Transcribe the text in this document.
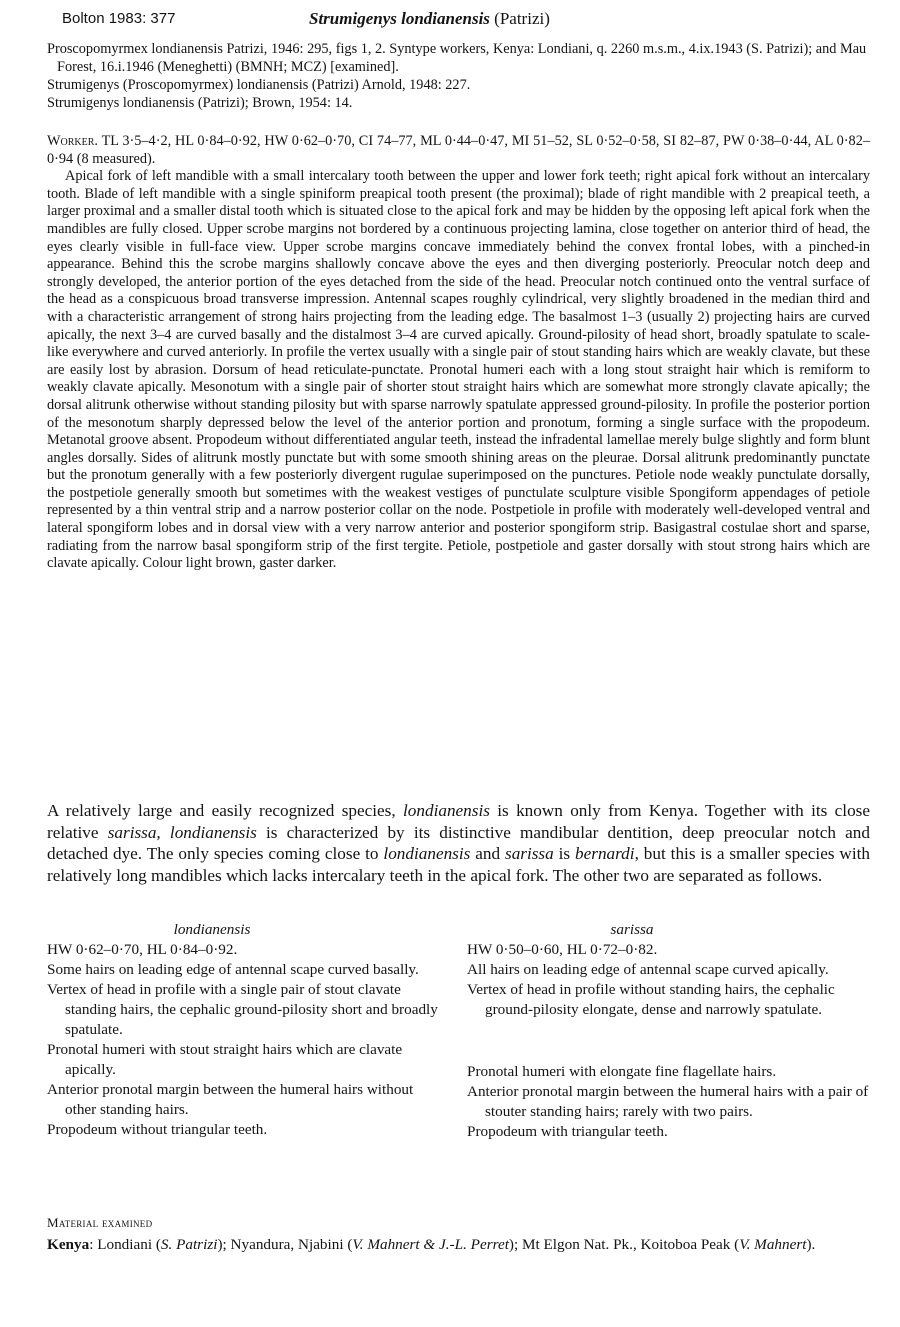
Bolton 1983: 377	Strumigenys londianensis (Patrizi)

Proscopomyrmex londianensis Patrizi, 1946: 295, figs 1, 2. Syntype workers, Kenya: Londiani, q. 2260 m.s.m., 4.ix.1943 (S. Patrizi); and Mau Forest, 16.i.1946 (Meneghetti) (BMNH; MCZ) [examined].

Strumigenys (Proscopomyrmex) londianensis (Patrizi) Arnold, 1948: 227.

Strumigenys londianensis (Patrizi); Brown, 1954: 14.

Worker. TL 3·5–4·2, HL 0·84–0·92, HW 0·62–0·70, CI 74–77, ML 0·44–0·47, MI 51–52, SL 0·52–0·58, SI 82–87, PW 0·38–0·44, AL 0·82–0·94 (8 measured).

Apical fork of left mandible with a small intercalary tooth between the upper and lower fork teeth; right apical fork without an intercalary tooth. Blade of left mandible with a single spiniform preapical tooth present (the proximal); blade of right mandible with 2 preapical teeth, a larger proximal and a smaller distal tooth which is situated close to the apical fork and may be hidden by the opposing left apical fork when the mandibles are fully closed. Upper scrobe margins not bordered by a continuous projecting lamina, close together on anterior third of head, the eyes clearly visible in full-face view. Upper scrobe margins concave immediately behind the convex frontal lobes, with a pinched-in appearance. Behind this the scrobe margins shallowly concave above the eyes and then diverging posteriorly. Preocular notch deep and strongly developed, the anterior portion of the eyes detached from the side of the head. Preocular notch continued onto the ventral surface of the head as a conspicuous broad transverse impression. Antennal scapes roughly cylindrical, very slightly broadened in the median third and with a characteristic arrangement of strong hairs projecting from the leading edge. The basalmost 1–3 (usually 2) projecting hairs are curved apically, the next 3–4 are curved basally and the distalmost 3–4 are curved apically. Ground-pilosity of head short, broadly spatulate to scale-like everywhere and curved anteriorly. In profile the vertex usually with a single pair of stout standing hairs which are weakly clavate, but these are easily lost by abrasion. Dorsum of head reticulate-punctate. Pronotal humeri each with a long stout straight hair which is remiform to weakly clavate apically. Mesonotum with a single pair of shorter stout straight hairs which are somewhat more strongly clavate apically; the dorsal alitrunk otherwise without standing pilosity but with sparse narrowly spatulate appressed ground-pilosity. In profile the posterior portion of the mesonotum sharply depressed below the level of the anterior portion and pronotum, forming a single surface with the propodeum. Metanotal groove absent. Propodeum without differentiated angular teeth, instead the infradental lamellae merely bulge slightly and form blunt angles dorsally. Sides of alitrunk mostly punctate but with some smooth shining areas on the pleurae. Dorsal alitrunk predominantly punctate but the pronotum generally with a few posteriorly divergent rugulae superimposed on the punctures. Petiole node weakly punctulate dorsally, the postpetiole generally smooth but sometimes with the weakest vestiges of punctulate sculpture visible Spongiform appendages of petiole represented by a thin ventral strip and a narrow posterior collar on the node. Postpetiole in profile with moderately well-developed ventral and lateral spongiform lobes and in dorsal view with a very narrow anterior and posterior spongiform strip. Basigastral costulae short and sparse, radiating from the narrow basal spongiform strip of the first tergite. Petiole, postpetiole and gaster dorsally with stout strong hairs which are clavate apically. Colour light brown, gaster darker.

A relatively large and easily recognized species, londianensis is known only from Kenya. Together with its close relative sarissa, londianensis is characterized by its distinctive mandibular dentition, deep preocular notch and detached dye. The only species coming close to londianensis and sarissa is bernardi, but this is a smaller species with relatively long mandibles which lacks intercalary teeth in the apical fork. The other two are separated as follows.

londianensis

HW 0·62–0·70, HL 0·84–0·92.
Some hairs on leading edge of antennal scape curved basally.
Vertex of head in profile with a single pair of stout clavate standing hairs, the cephalic ground-pilosity short and broadly spatulate.
Pronotal humeri with stout straight hairs which are clavate apically.
Anterior pronotal margin between the humeral hairs without other standing hairs.
Propodeum without triangular teeth.

sarissa

HW 0·50–0·60, HL 0·72–0·82.
All hairs on leading edge of antennal scape curved apically.
Vertex of head in profile without standing hairs, the cephalic ground-pilosity elongate, dense and narrowly spatulate.
Pronotal humeri with elongate fine flagellate hairs.
Anterior pronotal margin between the humeral hairs with a pair of stouter standing hairs; rarely with two pairs.
Propodeum with triangular teeth.
Material examined

Kenya: Londiani (S. Patrizi); Nyandura, Njabini (V. Mahnert & J.-L. Perret); Mt Elgon Nat. Pk., Koitoboa Peak (V. Mahnert).
